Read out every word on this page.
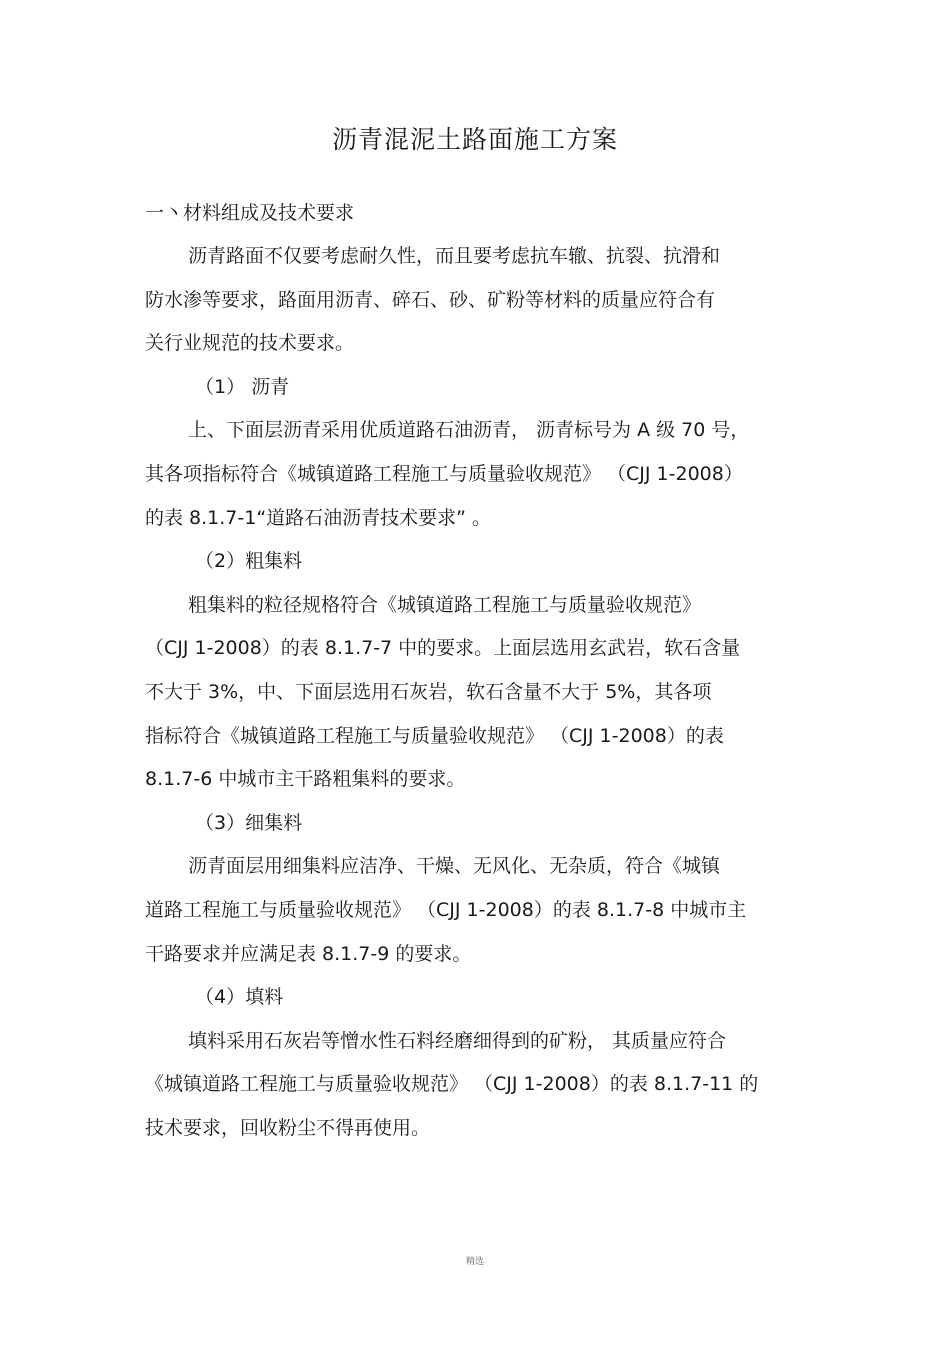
沥青混泥土路面施工方案
一丶材料组成及技术要求
沥青路面不仅要考虑耐久性，而且要考虑抗车辙、抗裂、抗滑和
防水渗等要求，路面用沥青、碎石、砂、矿粉等材料的质量应符合有
关行业规范的技术要求。
（1） 沥青
上、下面层沥青采用优质道路石油沥青， 沥青标号为 A 级 70 号，
其各项指标符合《城镇道路工程施工与质量验收规范》 （CJJ 1-2008）
的表 8.1.7-1“道路石油沥青技术要求” 。
（2）粗集料
粗集料的粒径规格符合《城镇道路工程施工与质量验收规范》
（CJJ 1-2008）的表 8.1.7-7 中的要求。上面层选用玄武岩，软石含量
不大于 3%，中、下面层选用石灰岩，软石含量不大于 5%，其各项
指标符合《城镇道路工程施工与质量验收规范》 （CJJ 1-2008）的表
8.1.7-6 中城市主干路粗集料的要求。
（3）细集料
沥青面层用细集料应洁净、干燥、无风化、无杂质，符合《城镇
道路工程施工与质量验收规范》 （CJJ 1-2008）的表 8.1.7-8 中城市主
干路要求并应满足表 8.1.7-9 的要求。
（4）填料
填料采用石灰岩等憎水性石料经磨细得到的矿粉， 其质量应符合
《城镇道路工程施工与质量验收规范》 （CJJ 1-2008）的表 8.1.7-11 的
技术要求，回收粉尘不得再使用。
精选
